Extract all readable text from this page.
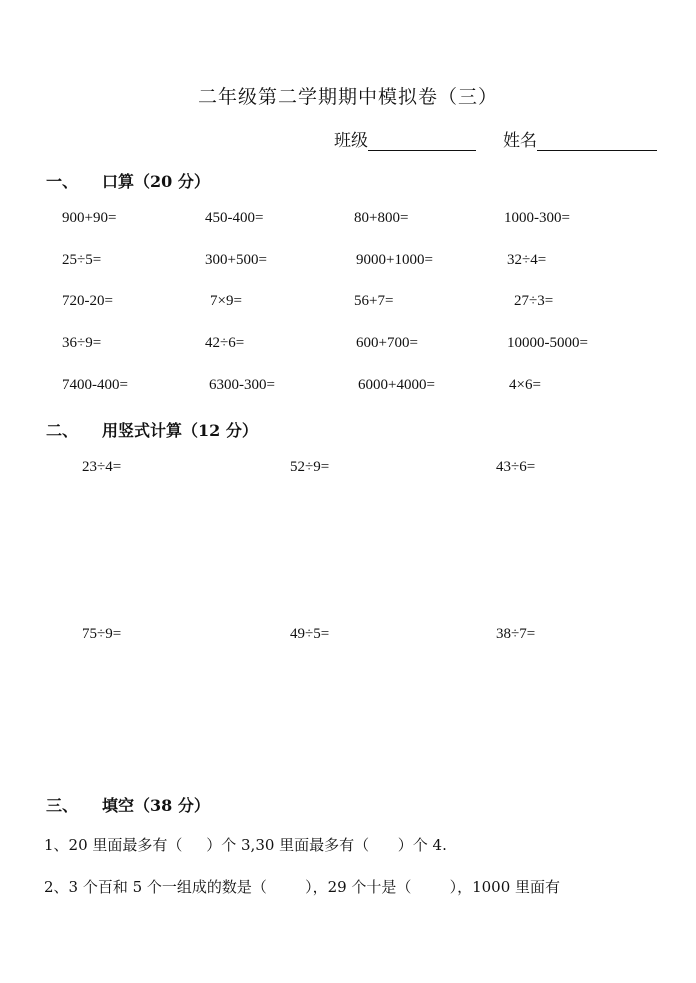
二年级第二学期期中模拟卷（三）
班级	姓名
一、 口算（20 分）
900+90=	450-400=	80+800=	1000-300=
25÷5=	300+500=	9000+1000=	32÷4=
720-20=	7×9=	56+7=	27÷3=
36÷9=	42÷6=	600+700=	10000-5000=
7400-400=	6300-300=	6000+4000=	4×6=
二、 用竖式计算（12 分）
23÷4=	52÷9=	43÷6=
75÷9=	49÷5=	38÷7=
三、 填空（38 分）
1、20 里面最多有（     ）个 3,30 里面最多有（      ）个 4.
2、3 个百和 5 个一组成的数是（        ），29 个十是（        ），1000 里面有
